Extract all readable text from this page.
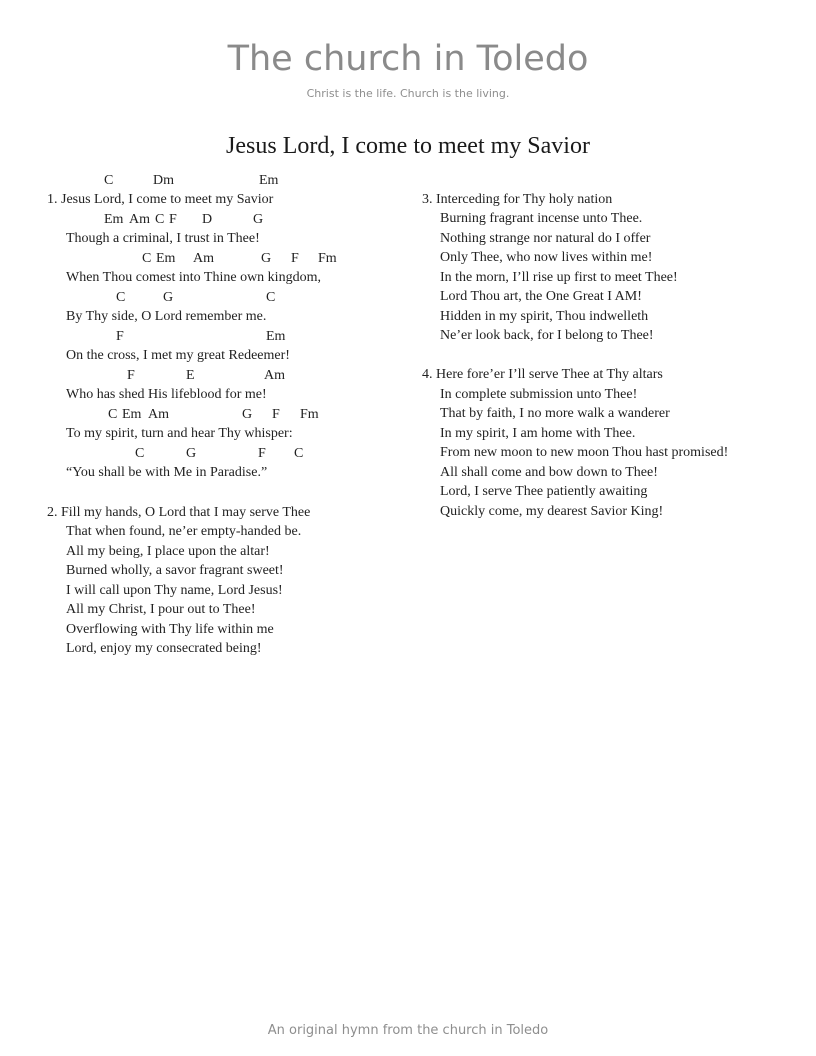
The church in Toledo
Christ is the life. Church is the living.
Jesus Lord, I come to meet my Savior
C	Dm	Em
1. Jesus Lord, I come to meet my Savior
Em Am C F D	G
Though a criminal, I trust in Thee!
C Em Am	G F Fm
When Thou comest into Thine own kingdom,
C	G	C
By Thy side, O Lord remember me.
F	Em
On the cross, I met my great Redeemer!
F	E	Am
Who has shed His lifeblood for me!
C Em Am	G F Fm
To my spirit, turn and hear Thy whisper:
C	G	F C
“You shall be with Me in Paradise.”
2. Fill my hands, O Lord that I may serve Thee
That when found, ne’er empty-handed be.
All my being, I place upon the altar!
Burned wholly, a savor fragrant sweet!
I will call upon Thy name, Lord Jesus!
All my Christ, I pour out to Thee!
Overflowing with Thy life within me
Lord, enjoy my consecrated being!
3. Interceding for Thy holy nation
Burning fragrant incense unto Thee.
Nothing strange nor natural do I offer
Only Thee, who now lives within me!
In the morn, I’ll rise up first to meet Thee!
Lord Thou art, the One Great I AM!
Hidden in my spirit, Thou indwelleth
Ne’er look back, for I belong to Thee!
4. Here fore’er I’ll serve Thee at Thy altars
In complete submission unto Thee!
That by faith, I no more walk a wanderer
In my spirit, I am home with Thee.
From new moon to new moon Thou hast promised!
All shall come and bow down to Thee!
Lord, I serve Thee patiently awaiting
Quickly come, my dearest Savior King!
An original hymn from the church in Toledo
